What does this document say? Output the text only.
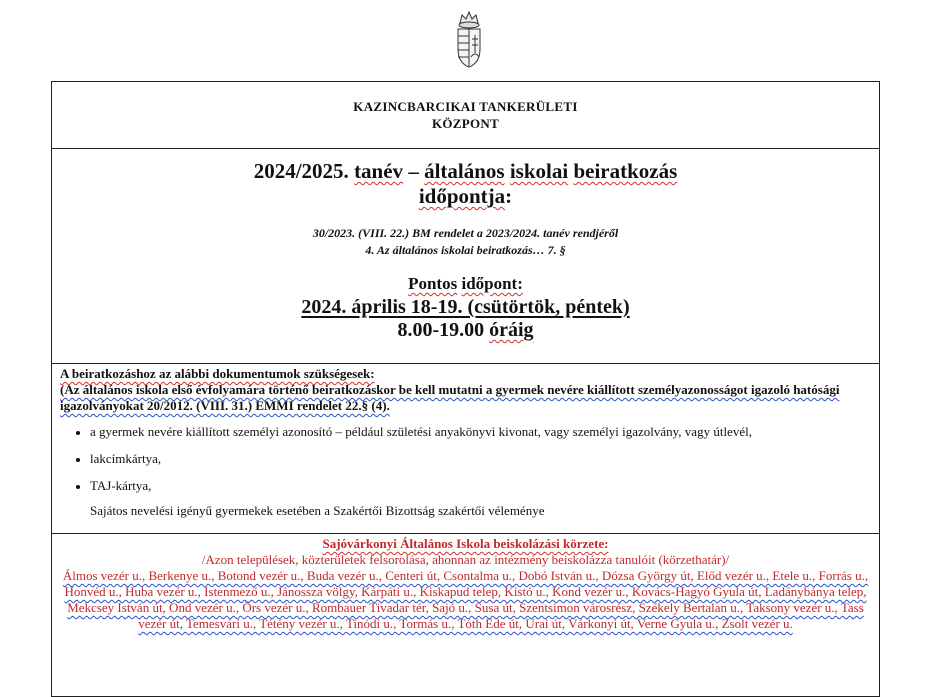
KAZINCBARCIKAI TANKERÜLETI
KÖZPONT
2024/2025. tanév – általános iskolai beiratkozás
időpontja:
30/2023. (VIII. 22.) BM rendelet a 2023/2024. tanév rendjéről
4. Az általános iskolai beiratkozás… 7. §
Pontos időpont:
2024. április 18-19. (csütörtök, péntek)
8.00-19.00 óráig
A beiratkozáshoz az alábbi dokumentumok szükségesek:
(Az általános iskola első évfolyamára történő beiratkozáskor be kell mutatni a gyermek nevére kiállított személyazonosságot igazoló hatósági igazolványokat 20/2012. (VIII. 31.) EMMI rendelet 22.§ (4).
• a gyermek nevére kiállított személyi azonosító – például születési anyakönyvi kivonat, vagy személyi igazolvány, vagy útlevél,
• lakcímkártya,
• TAJ-kártya,
Sajátos nevelési igényű gyermekek esetében a Szakértői Bizottság szakértői véleménye
Sajóvárkonyi Általános Iskola beiskolázási körzete:
/Azon települések, közterületek felsorolása, ahonnan az intézmény beiskolázza tanulóit (körzethatár)/
Álmos vezér u., Berkenye u., Botond vezér u., Buda vezér u., Centeri út, Csontalma u., Dobó István u., Dózsa György út, Előd vezér u., Etele u., Forrás u., Honvéd u., Huba vezér u., Istenmező u., Jánossza völgy, Kárpáti u., Kiskapud telep, Kistó u., Kond vezér u., Kovács-Hagyó Gyula út, Ladánybánya telep, Mekcsey István út, Ond vezér u., Örs vezér u., Rombauer Tivadar tér, Sajó u., Susa út, Szentsimon városrész, Székely Bertalan u., Taksony vezér u., Tass vezér út, Temesvári u., Tétény vezér u., Tinódi u., Tormás u., Tóth Ede út, Urai út, Várkonyi út, Verne Gyula u., Zsolt vezér u.
